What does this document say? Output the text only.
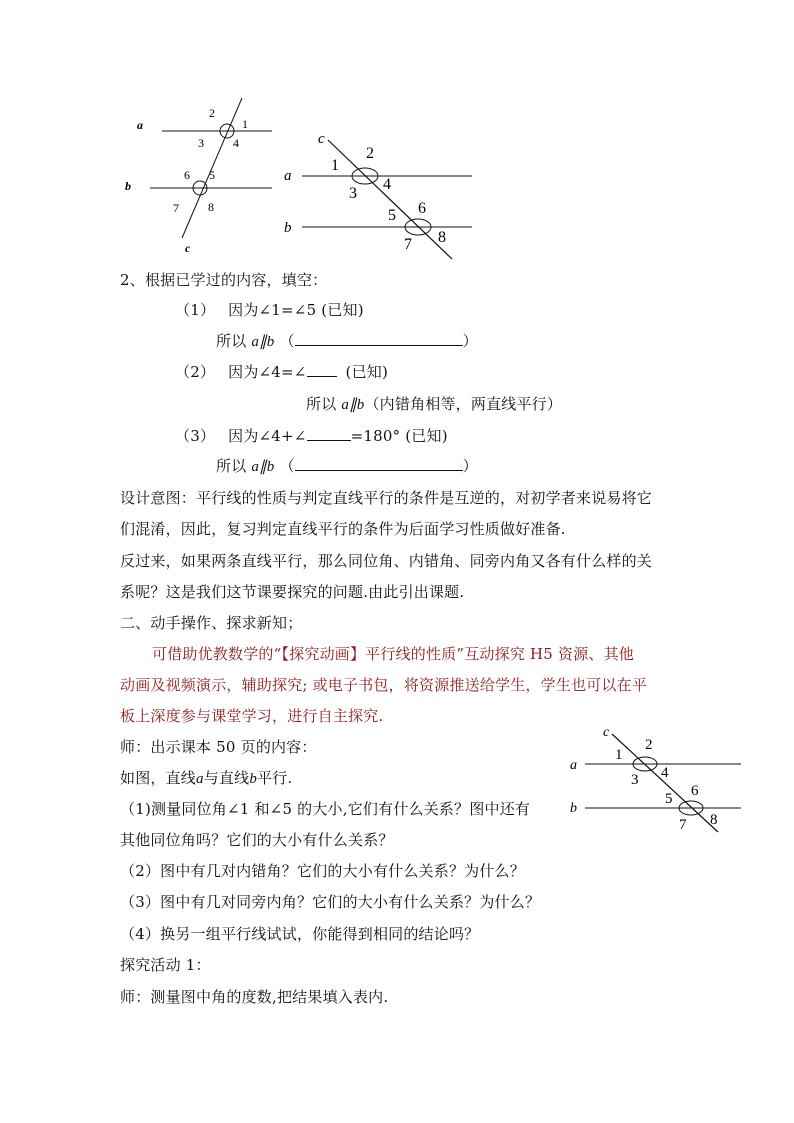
a
b
c
2
1
3 4
6 5
7 8
c
a
b
1
2
3
4
5 6
7 8
c
a
b
1
2
3 4
5 6
7 8
2、根据已学过的内容，填空：
（1） 因为∠1=∠5 (已知)
所以 a∥b （	）
（2） 因为∠4=∠	(已知)
所以 a∥b（内错角相等，两直线平行）
（3） 因为∠4+∠	=180° (已知)
所以 a∥b （	）
设计意图：平行线的性质与判定直线平行的条件是互逆的，对初学者来说易将它
们混淆，因此，复习判定直线平行的条件为后面学习性质做好准备.
反过来，如果两条直线平行，那么同位角、内错角、同旁内角又各有什么样的关
系呢？这是我们这节课要探究的问题.由此引出课题.
二、动手操作、探求新知；
可借助优教数学的“【探究动画】平行线的性质”互动探究 H5 资源、其他
动画及视频演示，辅助探究; 或电子书包，将资源推送给学生，学生也可以在平
板上深度参与课堂学习，进行自主探究.
师：出示课本 50 页的内容：
如图，直线a与直线b平行.
（1)测量同位角∠1 和∠5 的大小,它们有什么关系？图中还有
其他同位角吗？它们的大小有什么关系？
（2）图中有几对内错角？它们的大小有什么关系？为什么？
（3）图中有几对同旁内角？它们的大小有什么关系？为什么？
（4）换另一组平行线试试，你能得到相同的结论吗？
探究活动 1：
师：测量图中角的度数,把结果填入表内.
